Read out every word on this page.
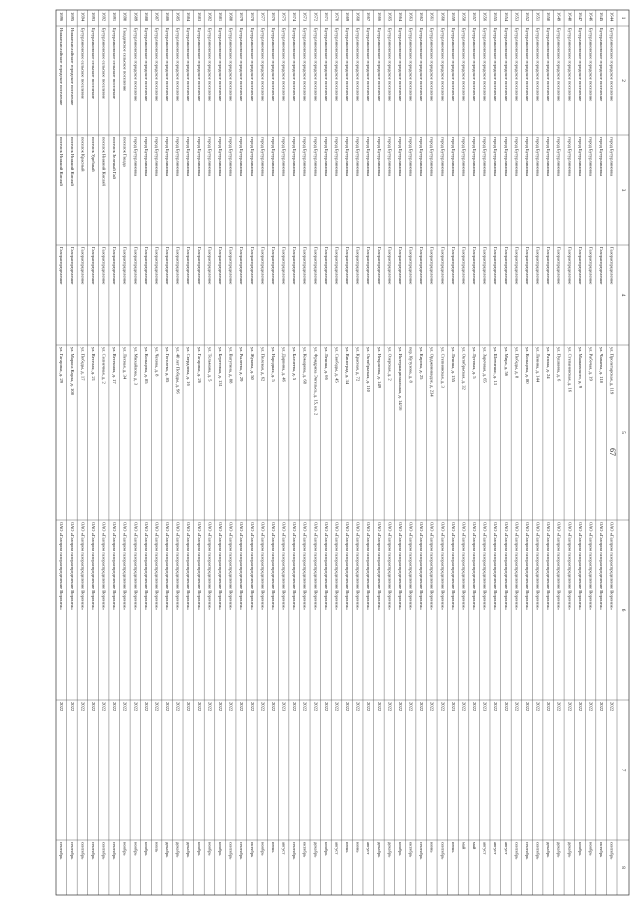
67
1
2
3
4
5
6
7
8
1644
Бутурлиновское городское поселение
город Бутурлиновка
Газораспределение
ул. Пролетарская, д. 119
ОАО «Газпром газораспределение Воронеж»
2022
сентябрь
1645
Бутурлиновское городское поселение
город Бутурлиновка
Газораспределение
ул. Чапаева, д. 118
ОАО «Газпром газораспределение Воронеж»
2022
октябрь
1646
Бутурлиновское городское поселение
город Бутурлиновка
Газораспределение
ул. Рабочая, д. 19
ОАО «Газпром газораспределение Воронеж»
2022
ноябрь
1647
Бутурлиновское городское поселение
город Бутурлиновка
Газораспределение
ул. Маяковского, д. 9
ОАО «Газпром газораспределение Воронеж»
2022
ноябрь
1648
Бутурлиновское городское поселение
город Бутурлиновка
Газораспределение
ул. Степановская, д. 16
ОАО «Газпром газораспределение Воронеж»
2022
декабрь
1649
Бутурлиновское городское поселение
город Бутурлиновка
Газораспределение
ул. Пушкина, д. 6
ОАО «Газпром газораспределение Воронеж»
2022
декабрь
1650
Бутурлиновское городское поселение
город Бутурлиновка
Газораспределение
ул. Разина, д. 24
ОАО «Газпром газораспределение Воронеж»
2022
декабрь
1651
Бутурлиновское городское поселение
город Бутурлиновка
Газораспределение
ул. Ленина, д. 144
ОАО «Газпром газораспределение Воронеж»
2022
сентябрь
1652
Бутурлиновское городское поселение
город Бутурлиновка
Газораспределение
ул. Кольцова, д. 80
ОАО «Газпром газораспределение Воронеж»
2022
сентябрь
1653
Бутурлиновское городское поселение
город Бутурлиновка
Газораспределение
ул. Победы, д. 8
ОАО «Газпром газораспределение Воронеж»
2022
сентябрь
1654
Бутурлиновское городское поселение
город Бутурлиновка
Газораспределение
ул. Мира, д. 56
ОАО «Газпром газораспределение Воронеж»
2022
август
1655
Бутурлиновское городское поселение
город Бутурлиновка
Газораспределение
ул. Шевченко, д. 13
ОАО «Газпром газораспределение Воронеж»
2022
август
1656
Бутурлиновское городское поселение
город Бутурлиновка
Газораспределение
ул. Заречная, д. 65
ОАО «Газпром газораспределение Воронеж»
2023
август
1657
Бутурлиновское городское поселение
город Бутурлиновка
Газораспределение
ул. Луговая, д. 5
ОАО «Газпром газораспределение Воронеж»
2022
май
1658
Бутурлиновское городское поселение
город Бутурлиновка
Газораспределение
ул. Октябрьская, д. 32
ОАО «Газпром газораспределение Воронеж»
2022
май
1659
Бутурлиновское городское поселение
город Бутурлиновка
Газораспределение
ул. Ленина, д. 155
ОАО «Газпром газораспределение Воронеж»
2023
июнь
1660
Бутурлиновское городское поселение
город Бутурлиновка
Газораспределение
ул. Степнянская, д. 3
ОАО «Газпром газораспределение Воронеж»
2022
сентябрь
1661
Бутурлиновское городское поселение
город Бутурлиновка
Газораспределение
ул. Орджоникидзе, д. 234
ОАО «Газпром газораспределение Воронеж»
2022
июнь
1662
Бутурлиновское городское поселение
город Бутурлиновка
Газораспределение
ул. Кирова, д. 25
ОАО «Газпром газораспределение Воронеж»
2022
сентябрь
1663
Бутурлиновское городское поселение
город Бутурлиновка
Газораспределение
пер. Кутузова, д. 8
ОАО «Газпром газораспределение Воронеж»
2022
октябрь
1664
Бутурлиновское городское поселение
город Бутурлиновка
Газораспределение
ул. Интернациональная, д. 14/16
ОАО «Газпром газораспределение Воронеж»
2022
ноябрь
1665
Бутурлиновское городское поселение
город Бутурлиновка
Газораспределение
ул. Озерская, д. 2
ОАО «Газпром газораспределение Воронеж»
2022
декабрь
1666
Бутурлиновское городское поселение
город Бутурлиновка
Газораспределение
ул. Некрасова, д. 149
ОАО «Газпром газораспределение Воронеж»
2022
декабрь
1667
Бутурлиновское городское поселение
город Бутурлиновка
Газораспределение
ул. Октябрьская, д. 110
ОАО «Газпром газораспределение Воронеж»
2022
август
1668
Бутурлиновское городское поселение
город Бутурлиновка
Газораспределение
ул. Красная, д. 72
ОАО «Газпром газораспределение Воронеж»
2022
июнь
1669
Бутурлиновское городское поселение
город Бутурлиновка
Газораспределение
ул. Виноград, д. 34
ОАО «Газпром газораспределение Воронеж»
2022
июнь
1670
Бутурлиновское городское поселение
город Бутурлиновка
Газораспределение
ул. Свободы, д. 45
ОАО «Газпром газораспределение Воронеж»
2022
август
1671
Бутурлиновское городское поселение
город Бутурлиновка
Газораспределение
ул. Ленина, д. 66
ОАО «Газпром газораспределение Воронеж»
2022
ноябрь
1672
Бутурлиновское городское поселение
город Бутурлиновка
Газораспределение
ул. Фридриха Энгельса, д. 15, кв. 2
ОАО «Газпром газораспределение Воронеж»
2022
декабрь
1673
Бутурлиновское городское поселение
город Бутурлиновка
Газораспределение
ул. Комарова, д. 68
ОАО «Газпром газораспределение Воронеж»
2022
октябрь
1674
Бутурлиновское городское поселение
город Бутурлиновка
Газораспределение
ул. Бахчеева, д. 5
ОАО «Газпром газораспределение Воронеж»
2022
сентябрь
1675
Бутурлиновское городское поселение
город Бутурлиновка
Газораспределение
ул. Дарвина, д. 46
ОАО «Газпром газораспределение Воронеж»
2023
август
1676
Бутурлиновское городское поселение
город Бутурлиновка
Газораспределение
ул. Народная, д. 5
ОАО «Газпром газораспределение Воронеж»
2022
июнь
1677
Бутурлиновское городское поселение
город Бутурлиновка
Газораспределение
ул. Полевая, д. 62
ОАО «Газпром газораспределение Воронеж»
2022
ноябрь
1678
Бутурлиновское городское поселение
город Бутурлиновка
Газораспределение
ул. Жукова, д. 50
ОАО «Газпром газораспределение Воронеж»
2022
октябрь
1679
Бутурлиновское городское поселение
город Бутурлиновка
Газораспределение
ул. Рылеева, д. 29
ОАО «Газпром газораспределение Воронеж»
2022
сентябрь
1680
Бутурлиновское городское поселение
город Бутурлиновка
Газораспределение
ул. Ватутина, д. 88
ОАО «Газпром газораспределение Воронеж»
2022
сентябрь
1681
Бутурлиновское городское поселение
город Бутурлиновка
Газораспределение
ул. Береговая, д. 131
ОАО «Газпром газораспределение Воронеж»
2022
ноябрь
1682
Бутурлиновское городское поселение
город Бутурлиновка
Газораспределение
ул. Тельмана, д. 5
ОАО «Газпром газораспределение Воронеж»
2022
ноябрь
1683
Бутурлиновское городское поселение
город Бутурлиновка
Газораспределение
ул. Гагарина, д. 26
ОАО «Газпром газораспределение Воронеж»
2022
ноябрь
1684
Бутурлиновское городское поселение
город Бутурлиновка
Газораспределение
ул. Свердлова, д. 16
ОАО «Газпром газораспределение Воронеж»
2022
декабрь
1685
Бутурлиновское городское поселение
город Бутурлиновка
Газораспределение
ул. 40 лет Победы, д. 96
ОАО «Газпром газораспределение Воронеж»
2022
декабрь
1686
Бутурлиновское городское поселение
город Бутурлиновка
Газораспределение
ул. Гоголева, д. 85
ОАО «Газпром газораспределение Воронеж»
2022
декабрь
1687
Бутурлиновское городское поселение
город Бутурлиновка
Газораспределение
ул. Чехова, д. 8
ОАО «Газпром газораспределение Воронеж»
2022
июль
1688
Бутурлиновское городское поселение
город Бутурлиновка
Газораспределение
ул. Кольцова, д. 85
ОАО «Газпром газораспределение Воронеж»
2022
ноябрь
1689
Бутурлиновское городское поселение
город Бутурлиновка
Газораспределение
ул. Михайлова, д. 3
ОАО «Газпром газораспределение Воронеж»
2022
ноябрь
1690
Гвазденское сельское поселение
поселок Гвазда
Газораспределение
ул. Лесная, д. 34
ОАО «Газпром газораспределение Воронеж»
2022
ноябрь
1691
Бутурлиновское сельское поселение
поселок Зеленый Гай
Газораспределение
ул. Весенняя, д. 17
ОАО «Газпром газораспределение Воронеж»
2022
сентябрь
1692
Бутурлиновское сельское поселение
поселок Нижний Кисляй
Газораспределение
ул. Солнечная, д. 2
ОАО «Газпром газораспределение Воронеж»
2022
сентябрь
1693
Бутурлиновское сельское поселение
поселок Удобный
Газораспределение
ул. Веселая, д. 21
ОАО «Газпром газораспределение Воронеж»
2022
сентябрь
1694
Бутурлиновское сельское поселение
поселок Красный
Газораспределение
ул. Победы, д. 17
ОАО «Газпром газораспределение Воронеж»
2022
сентябрь
1695
Нижнекисляйское городское поселение
поселок Нижний Кисляй
Газораспределение
ул. Маркса Карла, д. 108
ОАО «Газпром газораспределение Воронеж»
2022
сентябрь
1696
Нижнекисляйское городское поселение
поселок Нижний Кисляй
Газораспределение
ул. Гагарина, д. 29
ОАО «Газпром газораспределение Воронеж»
2022
сентябрь
